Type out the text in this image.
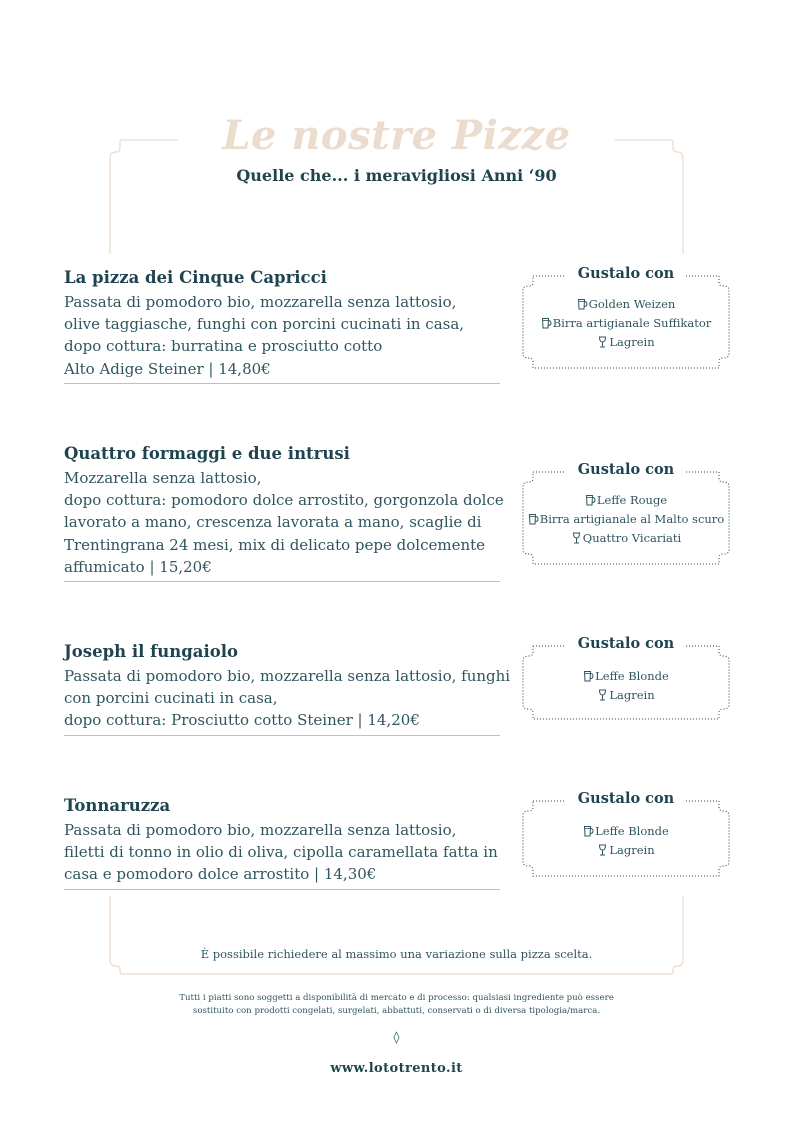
Le nostre Pizze
Quelle che... i meravigliosi Anni ‘90
La pizza dei Cinque Capricci
Passata di pomodoro bio, mozzarella senza lattosio,
olive taggiasche, funghi con porcini cucinati in casa,
dopo cottura: burratina e prosciutto cotto
Alto Adige Steiner | 14,80€
Gustalo con
Golden Weizen
Birra artigianale Suffikator
Lagrein
Quattro formaggi e due intrusi
Mozzarella senza lattosio,
dopo cottura: pomodoro dolce arrostito, gorgonzola dolce
lavorato a mano, crescenza lavorata a mano, scaglie di
Trentingrana 24 mesi, mix di delicato pepe dolcemente
affumicato | 15,20€
Gustalo con
Leffe Rouge
Birra artigianale al Malto scuro
Quattro Vicariati
Joseph il fungaiolo
Passata di pomodoro bio, mozzarella senza lattosio, funghi
con porcini cucinati in casa,
dopo cottura: Prosciutto cotto Steiner | 14,20€
Gustalo con
Leffe Blonde
Lagrein
Tonnaruzza
Passata di pomodoro bio, mozzarella senza lattosio,
filetti di tonno in olio di oliva, cipolla caramellata fatta in
casa e pomodoro dolce arrostito | 14,30€
Gustalo con
Leffe Blonde
Lagrein
È possibile richiedere al massimo una variazione sulla pizza scelta.
Tutti i piatti sono soggetti a disponibilità di mercato e di processo: qualsiasi ingrediente può essere
sostituito con prodotti congelati, surgelati, abbattuti, conservati o di diversa tipologia/marca.
◊
www.lototrento.it
